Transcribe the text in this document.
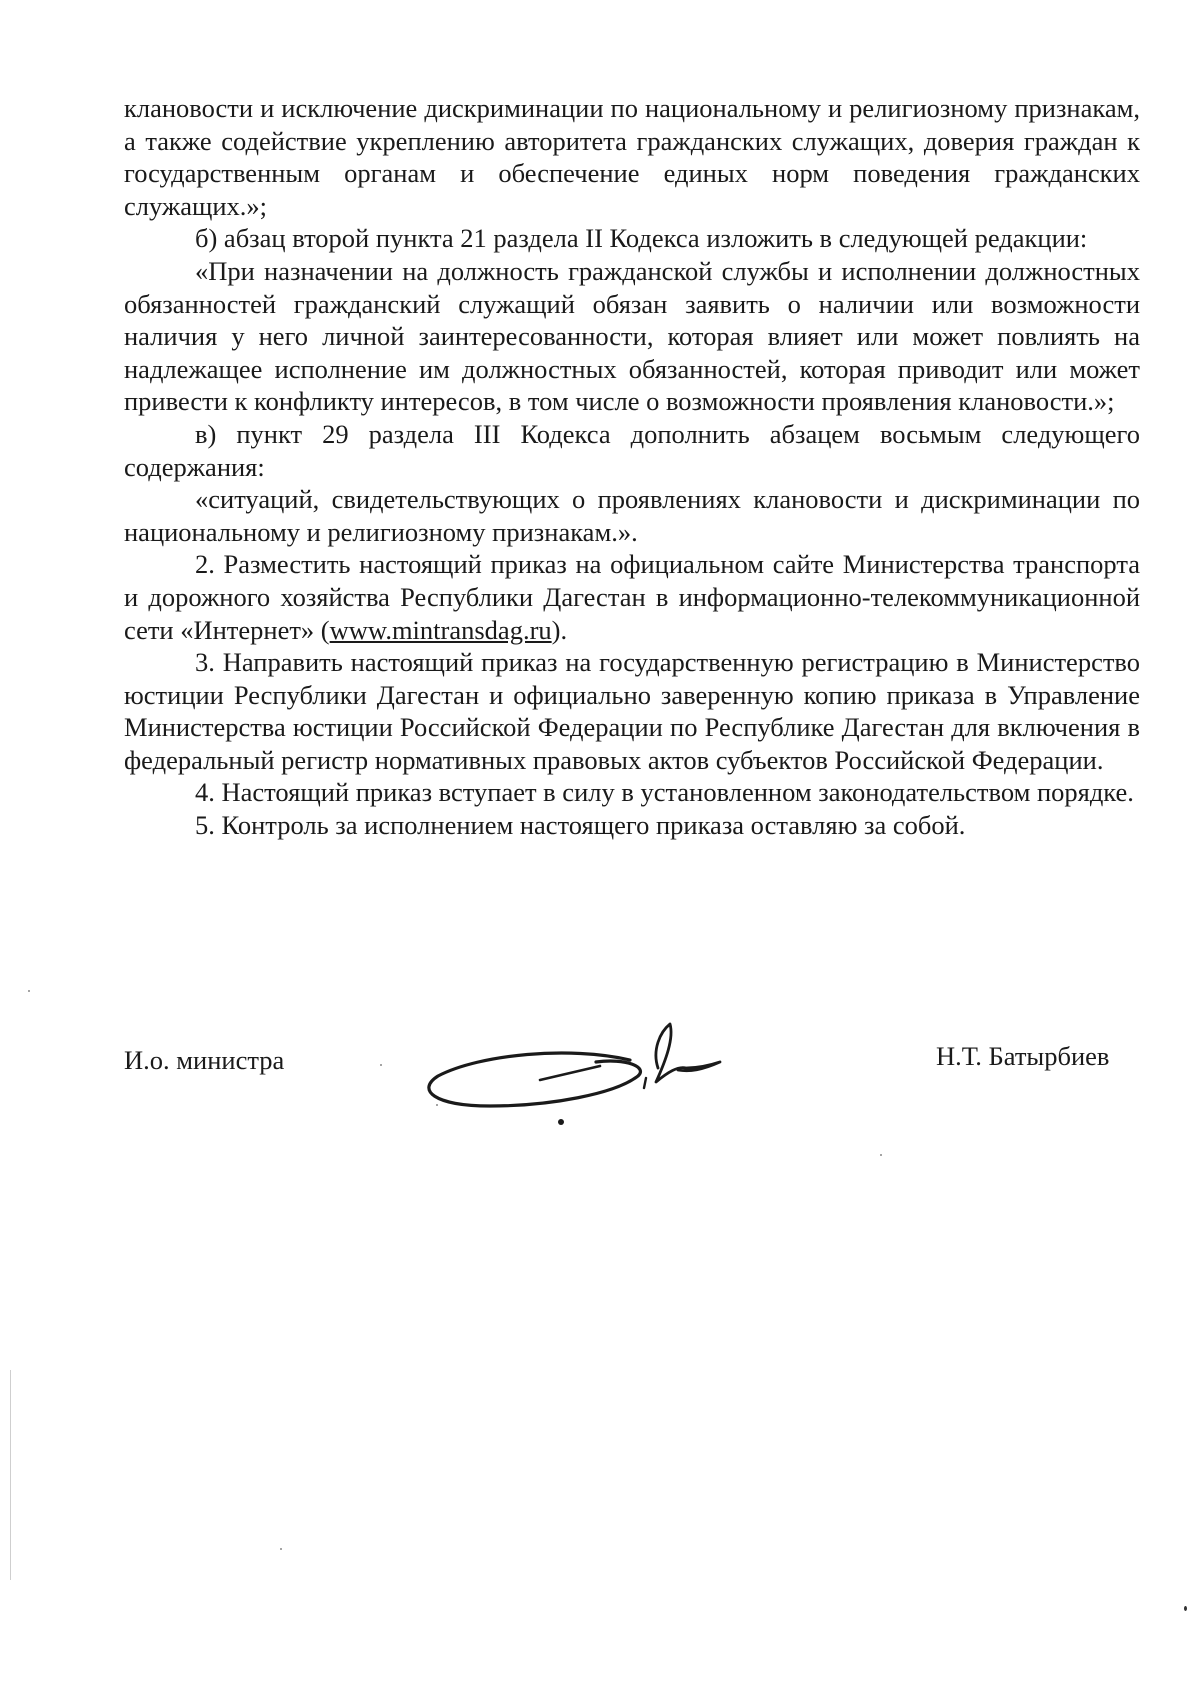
клановости и исключение дискриминации по национальному и религиозному признакам, а также содействие укреплению авторитета гражданских служащих, доверия граждан к государственным органам и обеспечение единых норм поведения гражданских служащих.»;

б) абзац второй пункта 21 раздела II Кодекса изложить в следующей редакции:

«При назначении на должность гражданской службы и исполнении должностных обязанностей гражданский служащий обязан заявить о наличии или возможности наличия у него личной заинтересованности, которая влияет или может повлиять на надлежащее исполнение им должностных обязанностей, которая приводит или может привести к конфликту интересов, в том числе о возможности проявления клановости.»;

в) пункт 29 раздела III Кодекса дополнить абзацем восьмым следующего содержания:

«ситуаций, свидетельствующих о проявлениях клановости и дискриминации по национальному и религиозному признакам.».

2. Разместить настоящий приказ на официальном сайте Министерства транспорта и дорожного хозяйства Республики Дагестан в информационно-телекоммуникационной сети «Интернет» (www.mintransdag.ru).

3. Направить настоящий приказ на государственную регистрацию в Министерство юстиции Республики Дагестан и официально заверенную копию приказа в Управление Министерства юстиции Российской Федерации по Республике Дагестан для включения в федеральный регистр нормативных правовых актов субъектов Российской Федерации.

4. Настоящий приказ вступает в силу в установленном законодательством порядке.

5. Контроль за исполнением настоящего приказа оставляю за собой.

И.о. министра	Н.Т. Батырбиев
